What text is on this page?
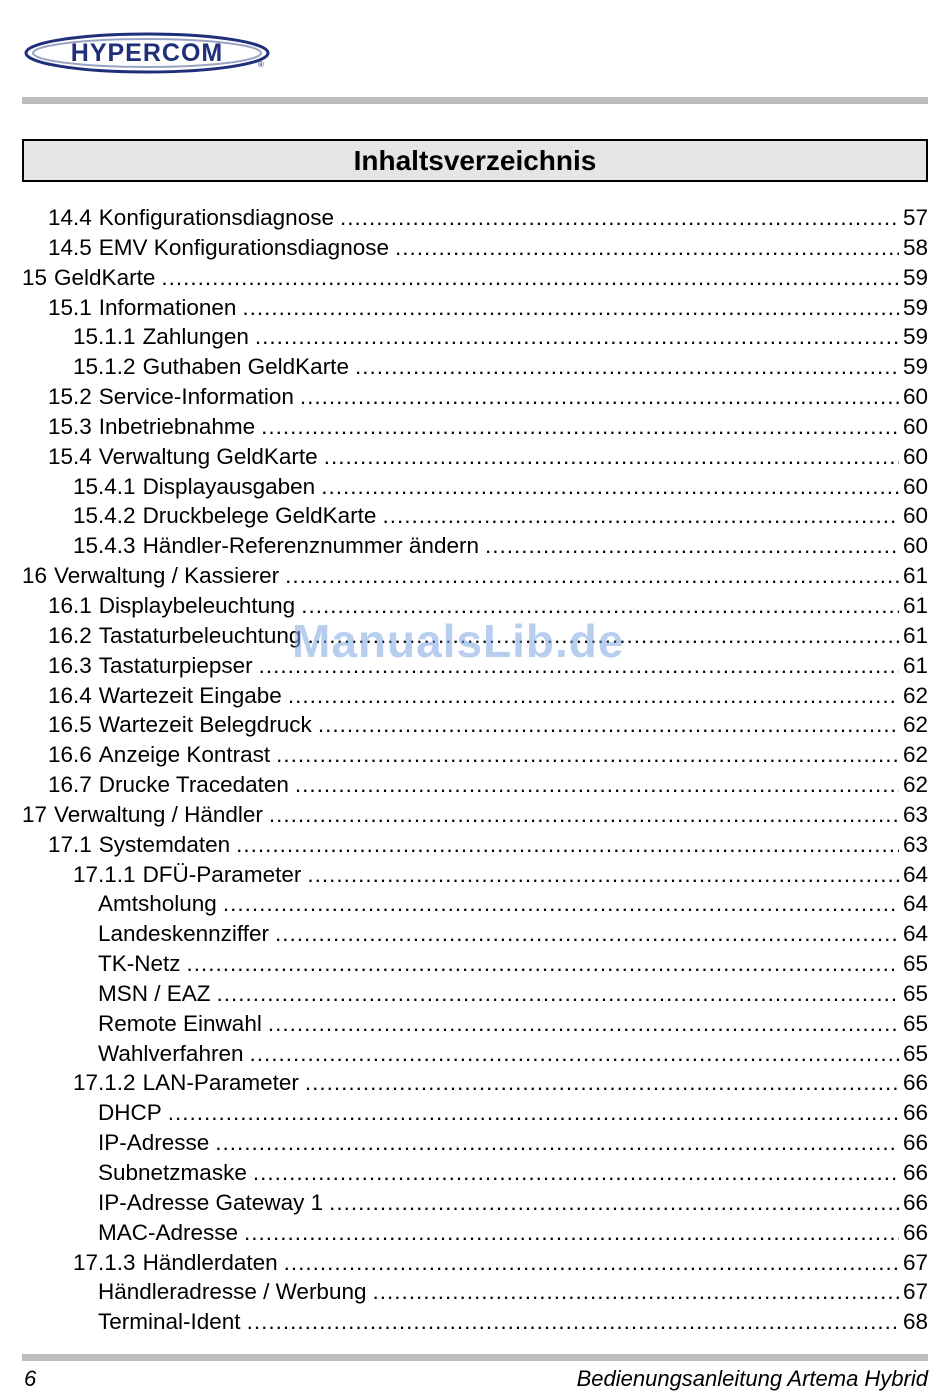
HYPERCOM	®
Inhaltsverzeichnis
14.4 Konfigurationsdiagnose .....	57
14.5 EMV Konfigurationsdiagnose .....	58
15 GeldKarte .....	59
15.1 Informationen .....	59
15.1.1 Zahlungen .....	59
15.1.2 Guthaben GeldKarte .....	59
15.2 Service-Information .....	60
15.3 Inbetriebnahme .....	60
15.4 Verwaltung GeldKarte .....	60
15.4.1 Displayausgaben .....	60
15.4.2 Druckbelege GeldKarte .....	60
15.4.3 Händler-Referenznummer ändern .....	60
16 Verwaltung / Kassierer .....	61
16.1 Displaybeleuchtung .....	61
16.2 Tastaturbeleuchtung .....	61
16.3 Tastaturpiepser .....	61
16.4 Wartezeit Eingabe .....	62
16.5 Wartezeit Belegdruck .....	62
16.6 Anzeige Kontrast .....	62
16.7 Drucke Tracedaten .....	62
17 Verwaltung / Händler .....	63
17.1 Systemdaten .....	63
17.1.1 DFÜ-Parameter .....	64
Amtsholung .....	64
Landeskennziffer .....	64
TK-Netz .....	65
MSN / EAZ .....	65
Remote Einwahl .....	65
Wahlverfahren .....	65
17.1.2 LAN-Parameter .....	66
DHCP .....	66
IP-Adresse .....	66
Subnetzmaske .....	66
IP-Adresse Gateway 1 .....	66
MAC-Adresse .....	66
17.1.3 Händlerdaten .....	67
Händleradresse / Werbung .....	67
Terminal-Ident .....	68
ManualsLib.de
6	Bedienungsanleitung Artema Hybrid
